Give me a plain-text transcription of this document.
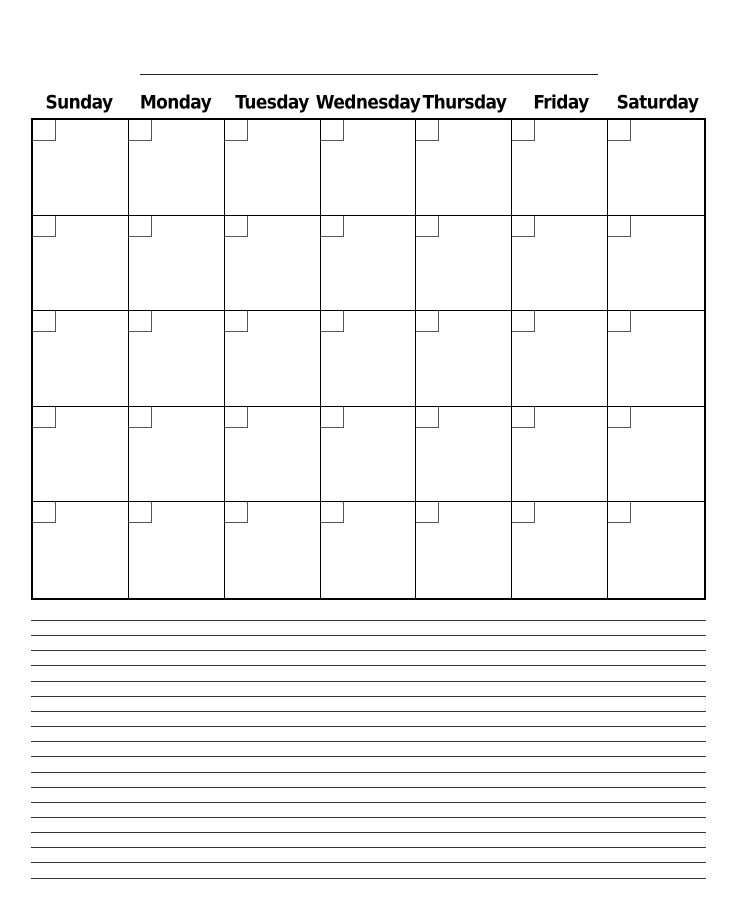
Sunday	Monday	Tuesday Wednesday Thursday	Friday	Saturday
